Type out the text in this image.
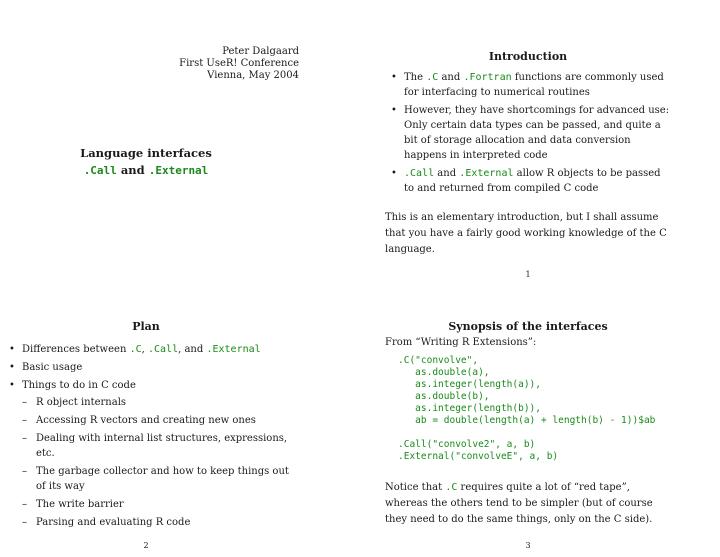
Peter Dalgaard
First UseR! Conference
Vienna, May 2004
Language interfaces
.Call and .External
Introduction
• The .C and .Fortran functions are commonly used for interfacing to numerical routines
• However, they have shortcomings for advanced use: Only certain data types can be passed, and quite a bit of storage allocation and data conversion happens in interpreted code
• .Call and .External allow R objects to be passed to and returned from compiled C code
This is an elementary introduction, but I shall assume that you have a fairly good working knowledge of the C language.
1
Plan
• Differences between .C, .Call, and .External
• Basic usage
• Things to do in C code
– R object internals
– Accessing R vectors and creating new ones
– Dealing with internal list structures, expressions, etc.
– The garbage collector and how to keep things out of its way
– The write barrier
– Parsing and evaluating R code
2
Synopsis of the interfaces
From “Writing R Extensions”:
.C("convolve",
as.double(a),
as.integer(length(a)),
as.double(b),
as.integer(length(b)),
ab = double(length(a) + length(b) - 1))$ab
.Call("convolve2", a, b)
.External("convolveE", a, b)
Notice that .C requires quite a lot of “red tape”, whereas the others tend to be simpler (but of course they need to do the same things, only on the C side).
3
